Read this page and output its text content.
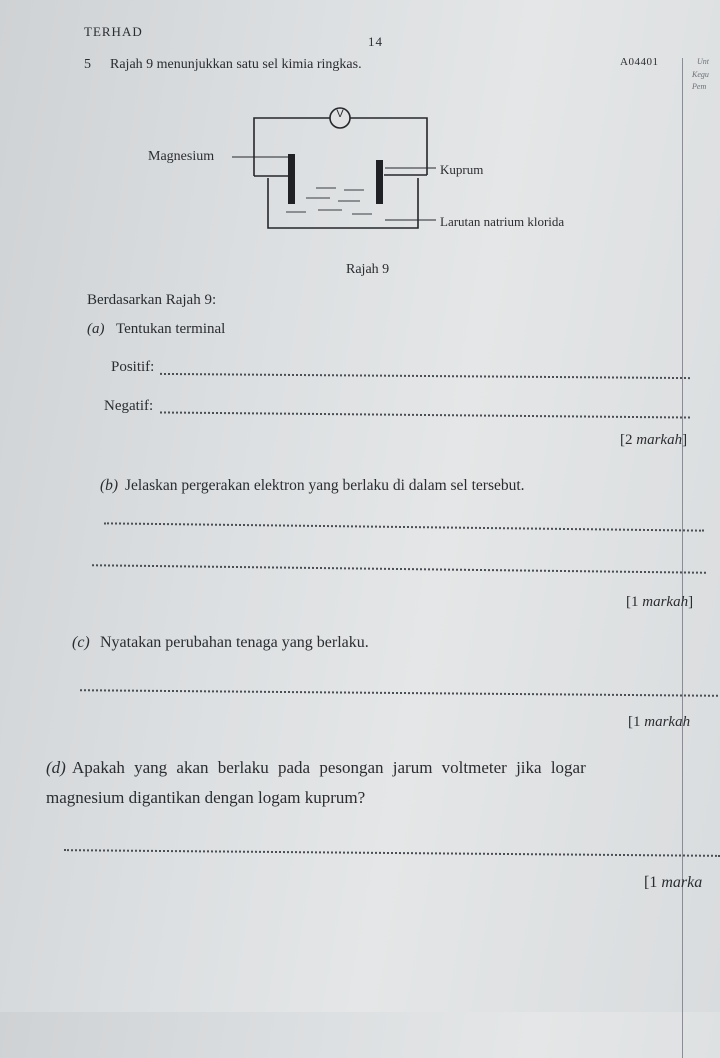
TERHAD
14
A04401	Unt
Kegu
Pem
5 Rajah 9 menunjukkan satu sel kimia ringkas.
V
Magnesium
Kuprum
Larutan natrium klorida
Rajah 9
Berdasarkan Rajah 9:
(a) Tentukan terminal
Positif:
Negatif:
[2 markah]
(b) Jelaskan pergerakan elektron yang berlaku di dalam sel tersebut.
[1 markah]
(c) Nyatakan perubahan tenaga yang berlaku.
[1 markah
(d) Apakah yang akan berlaku pada pesongan jarum voltmeter jika logar
magnesium digantikan dengan logam kuprum?
[1 marka
